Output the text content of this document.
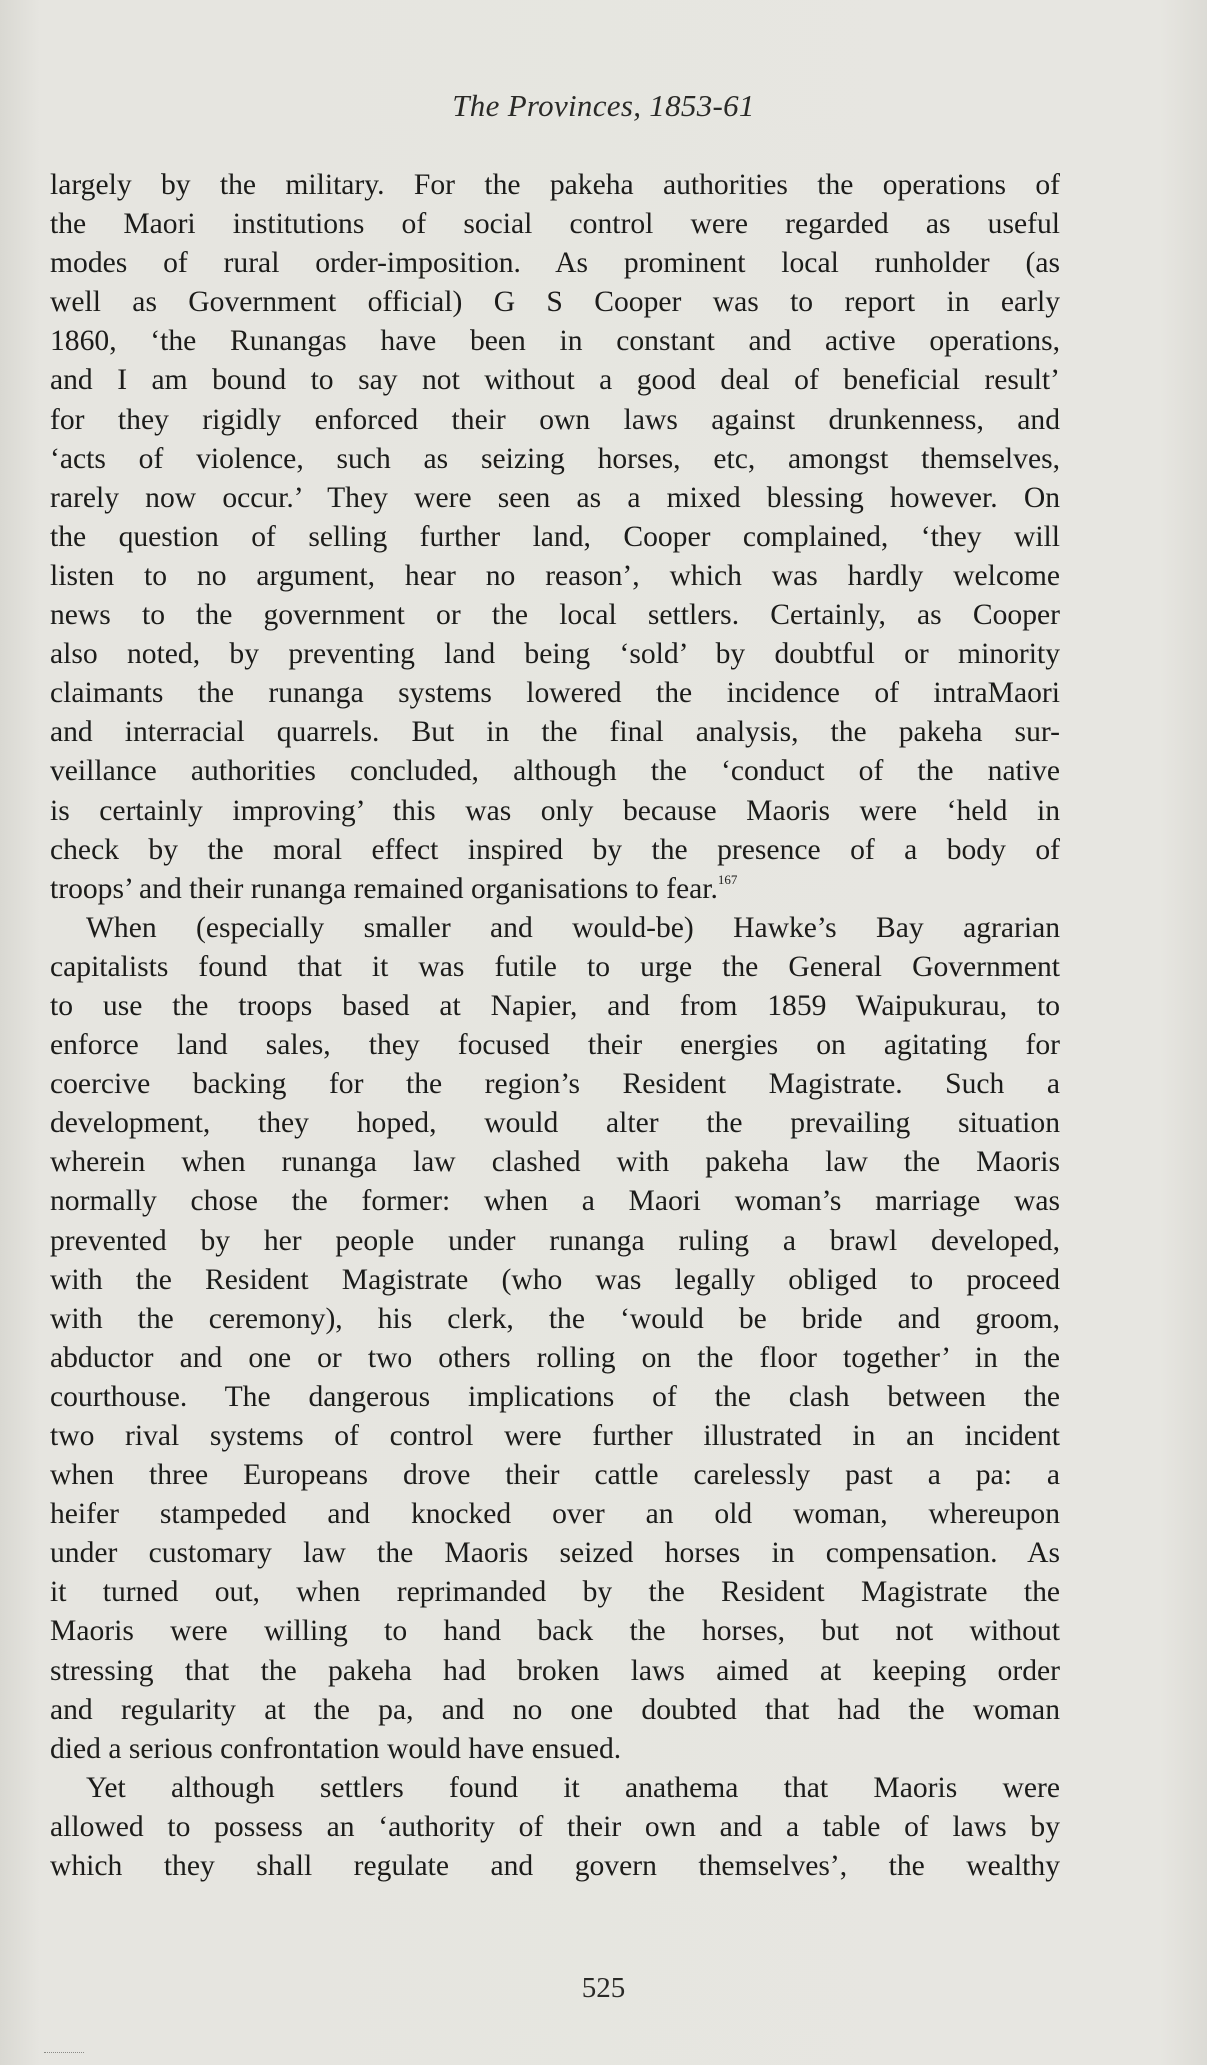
The Provinces, 1853-61
largely by the military. For the pakeha authorities the operations of
the Maori institutions of social control were regarded as useful
modes of rural order-imposition. As prominent local runholder (as
well as Government official) G S Cooper was to report in early
1860, ‘the Runangas have been in constant and active operations,
and I am bound to say not without a good deal of beneficial result’
for they rigidly enforced their own laws against drunkenness, and
‘acts of violence, such as seizing horses, etc, amongst themselves,
rarely now occur.’ They were seen as a mixed blessing however. On
the question of selling further land, Cooper complained, ‘they will
listen to no argument, hear no reason’, which was hardly welcome
news to the government or the local settlers. Certainly, as Cooper
also noted, by preventing land being ‘sold’ by doubtful or minority
claimants the runanga systems lowered the incidence of intraMaori
and interracial quarrels. But in the final analysis, the pakeha sur-
veillance authorities concluded, although the ‘conduct of the native
is certainly improving’ this was only because Maoris were ‘held in
check by the moral effect inspired by the presence of a body of
troops’ and their runanga remained organisations to fear.$^{167}$
When (especially smaller and would-be) Hawke’s Bay agrarian
capitalists found that it was futile to urge the General Government
to use the troops based at Napier, and from 1859 Waipukurau, to
enforce land sales, they focused their energies on agitating for
coercive backing for the region’s Resident Magistrate. Such a
development, they hoped, would alter the prevailing situation
wherein when runanga law clashed with pakeha law the Maoris
normally chose the former: when a Maori woman’s marriage was
prevented by her people under runanga ruling a brawl developed,
with the Resident Magistrate (who was legally obliged to proceed
with the ceremony), his clerk, the ‘would be bride and groom,
abductor and one or two others rolling on the floor together’ in the
courthouse. The dangerous implications of the clash between the
two rival systems of control were further illustrated in an incident
when three Europeans drove their cattle carelessly past a pa: a
heifer stampeded and knocked over an old woman, whereupon
under customary law the Maoris seized horses in compensation. As
it turned out, when reprimanded by the Resident Magistrate the
Maoris were willing to hand back the horses, but not without
stressing that the pakeha had broken laws aimed at keeping order
and regularity at the pa, and no one doubted that had the woman
died a serious confrontation would have ensued.
Yet although settlers found it anathema that Maoris were
allowed to possess an ‘authority of their own and a table of laws by
which they shall regulate and govern themselves’, the wealthy
525
